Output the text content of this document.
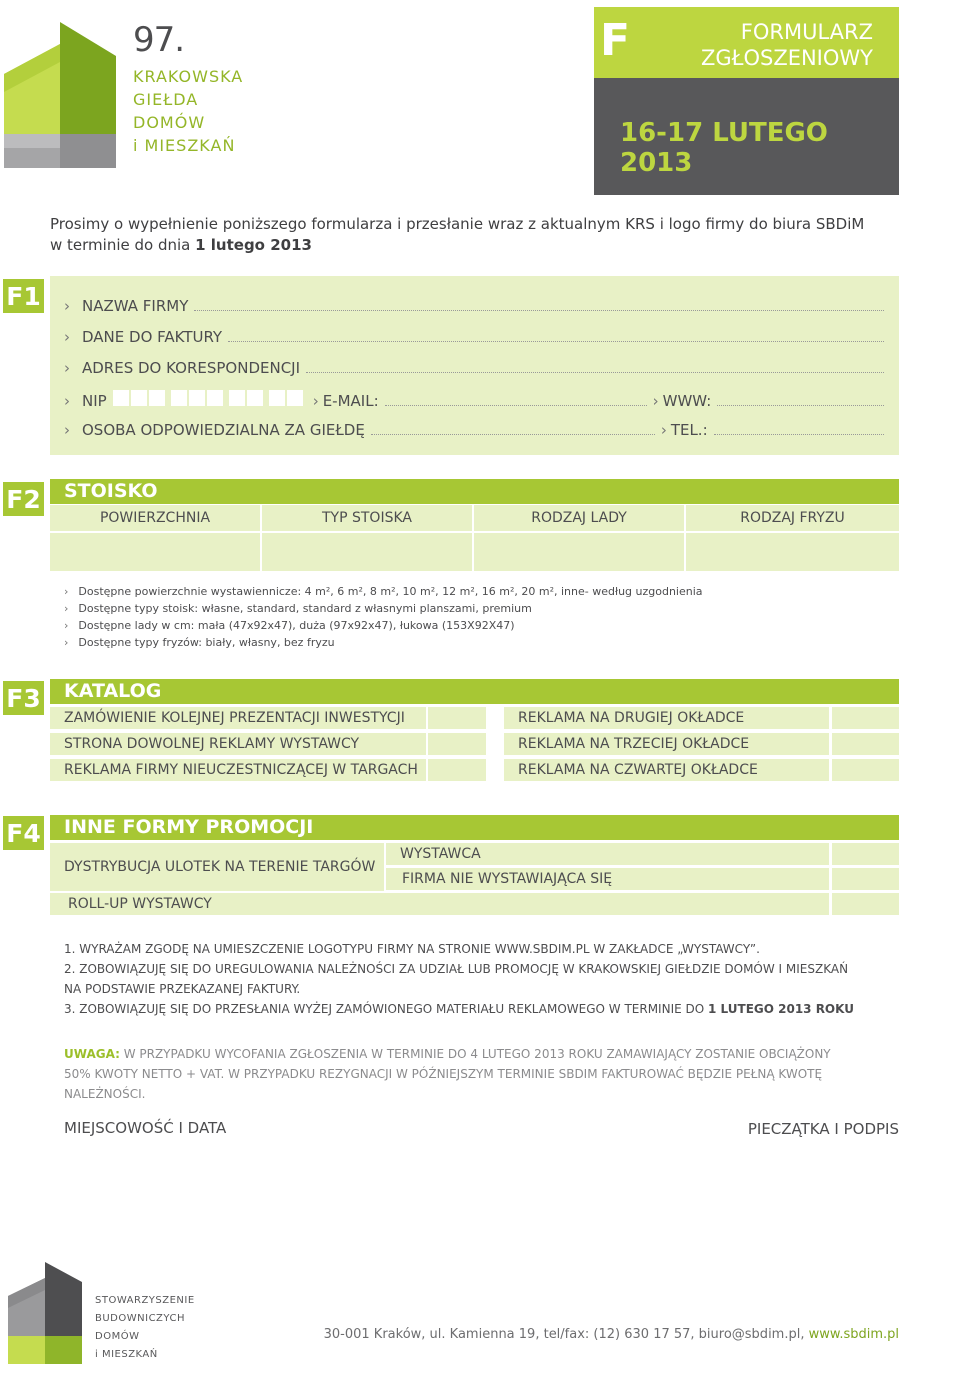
97.
KRAKOWSKA
GIEŁDA
DOMÓW
i MIESZKAŃ
F	FORMULARZ
ZGŁOSZENIOWY
16-17 LUTEGO 2013
Prosimy o wypełnienie poniższego formularza i przesłanie wraz z aktualnym KRS i logo firmy do biura SBDiM
w terminie do dnia 1 lutego 2013
F1 › NAZWA FIRMY
› DANE DO FAKTURY
› ADRES DO KORESPONDENCJI
› NIP	› E-MAIL:	› WWW:
› OSOBA ODPOWIEDZIALNA ZA GIEŁDĘ	› TEL.:
F2	STOISKO
POWIERZCHNIA	TYP STOISKA	RODZAJ LADY	RODZAJ FRYZU
› Dostępne powierzchnie wystawiennicze: 4 m², 6 m², 8 m², 10 m², 12 m², 16 m², 20 m², inne- według uzgodnienia
› Dostępne typy stoisk: własne, standard, standard z własnymi planszami, premium
› Dostępne lady w cm: mała (47x92x47), duża (97x92x47), łukowa (153X92X47)
› Dostępne typy fryzów: biały, własny, bez fryzu
F3	KATALOG
ZAMÓWIENIE KOLEJNEJ PREZENTACJI INWESTYCJI	REKLAMA NA DRUGIEJ OKŁADCE
STRONA DOWOLNEJ REKLAMY WYSTAWCY	REKLAMA NA TRZECIEJ OKŁADCE
REKLAMA FIRMY NIEUCZESTNICZĄCEJ W TARGACH	REKLAMA NA CZWARTEJ OKŁADCE
F4	INNE FORMY PROMOCJI
DYSTRYBUCJA ULOTEK NA TERENIE TARGÓW
WYSTAWCA
FIRMA NIE WYSTAWIAJĄCA SIĘ
ROLL-UP WYSTAWCY
1. WYRAŻAM ZGODĘ NA UMIESZCZENIE LOGOTYPU FIRMY NA STRONIE WWW.SBDIM.PL W ZAKŁADCE „WYSTAWCY”.
2. ZOBOWIĄZUJĘ SIĘ DO UREGULOWANIA NALEŻNOŚCI ZA UDZIAŁ LUB PROMOCJĘ W KRAKOWSKIEJ GIEŁDZIE DOMÓW I MIESZKAŃ
NA PODSTAWIE PRZEKAZANEJ FAKTURY.
3. ZOBOWIĄZUJĘ SIĘ DO PRZESŁANIA WYŻEJ ZAMÓWIONEGO MATERIAŁU REKLAMOWEGO W TERMINIE DO 1 LUTEGO 2013 ROKU
UWAGA: W PRZYPADKU WYCOFANIA ZGŁOSZENIA W TERMINIE DO 4 LUTEGO 2013 ROKU ZAMAWIAJĄCY ZOSTANIE OBCIĄŻONY
50% KWOTY NETTO + VAT. W PRZYPADKU REZYGNACJI W PÓŹNIEJSZYM TERMINIE SBDIM FAKTUROWAĆ BĘDZIE PEŁNĄ KWOTĘ
NALEŻNOŚCI.
MIEJSCOWOŚĆ I DATA	PIECZĄTKA I PODPIS
STOWARZYSZENIE
BUDOWNICZYCH
DOMÓW
i MIESZKAŃ
30-001 Kraków, ul. Kamienna 19, tel/fax: (12) 630 17 57, biuro@sbdim.pl, www.sbdim.pl
